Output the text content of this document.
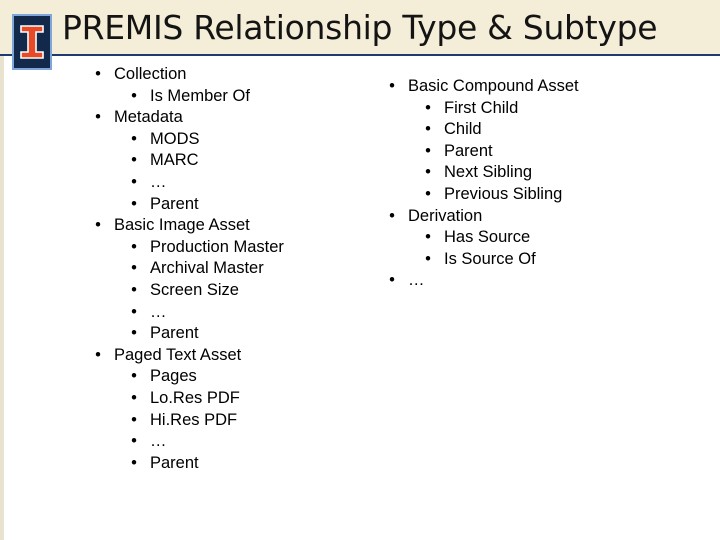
PREMIS Relationship Type & Subtype
• Collection
• Is Member Of
• Metadata
• MODS
• MARC
• …
• Parent
• Basic Image Asset
• Production Master
• Archival Master
• Screen Size
• …
• Parent
• Paged Text Asset
• Pages
• Lo.Res PDF
• Hi.Res PDF
• …
• Parent
• Basic Compound Asset
• First Child
• Child
• Parent
• Next Sibling
• Previous Sibling
• Derivation
• Has Source
• Is Source Of
• …
